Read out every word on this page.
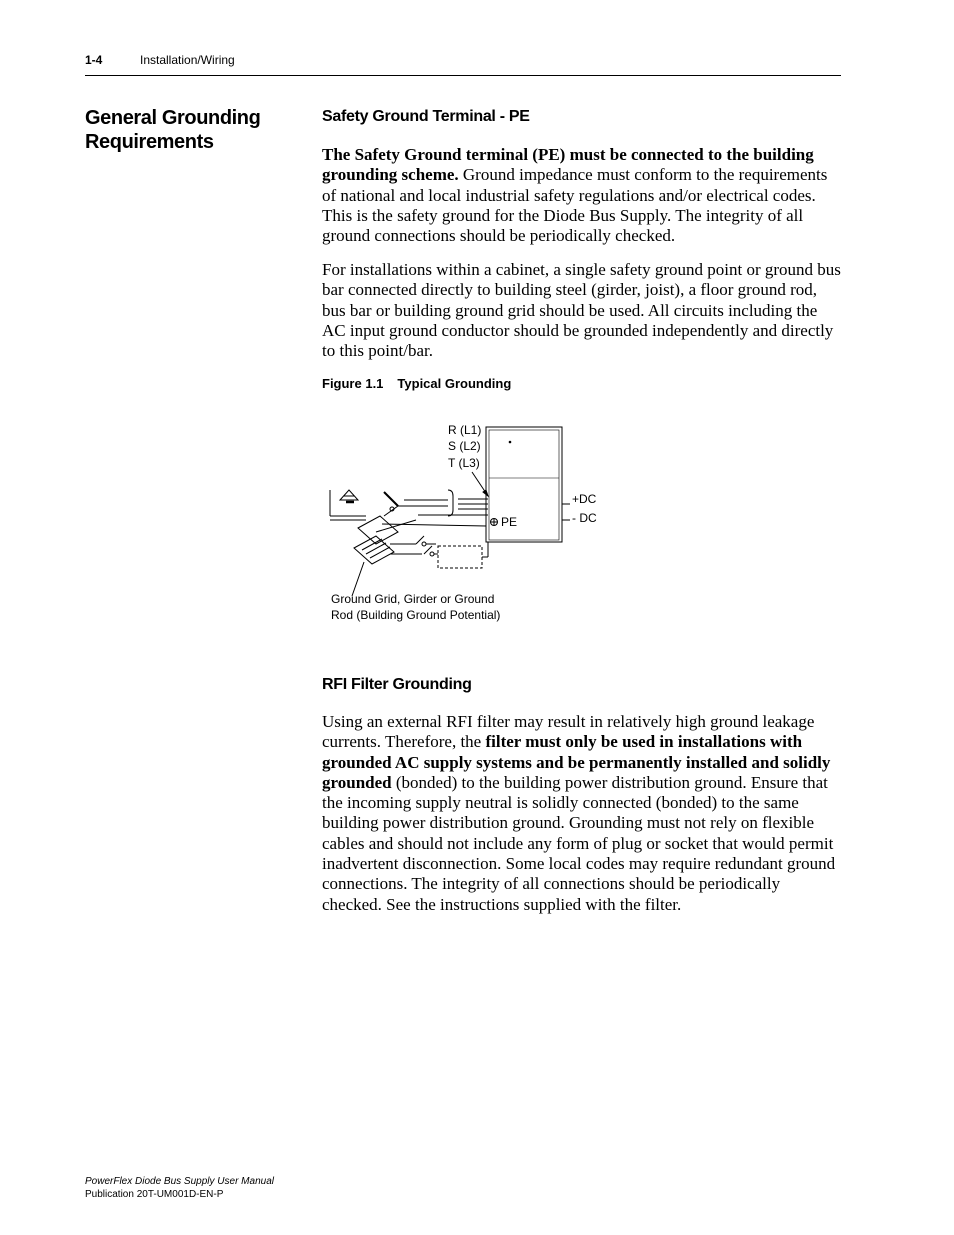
1-4	Installation/Wiring
General Grounding Requirements
Safety Ground Terminal - PE

The Safety Ground terminal (PE) must be connected to the building grounding scheme. Ground impedance must conform to the requirements of national and local industrial safety regulations and/or electrical codes. This is the safety ground for the Diode Bus Supply. The integrity of all ground connections should be periodically checked.

For installations within a cabinet, a single safety ground point or ground bus bar connected directly to building steel (girder, joist), a floor ground rod, bus bar or building ground grid should be used. All circuits including the AC input ground conductor should be grounded independently and directly to this point/bar.

Figure 1.1 Typical Grounding
R (L1)
S (L2)
T (L3)
+DC
- DC
PE
Ground Grid, Girder or Ground
Rod (Building Ground Potential)
RFI Filter Grounding

Using an external RFI filter may result in relatively high ground leakage currents. Therefore, the filter must only be used in installations with grounded AC supply systems and be permanently installed and solidly grounded (bonded) to the building power distribution ground. Ensure that the incoming supply neutral is solidly connected (bonded) to the same building power distribution ground. Grounding must not rely on flexible cables and should not include any form of plug or socket that would permit inadvertent disconnection. Some local codes may require redundant ground connections. The integrity of all connections should be periodically checked. See the instructions supplied with the filter.

PowerFlex Diode Bus Supply User Manual
Publication 20T-UM001D-EN-P
